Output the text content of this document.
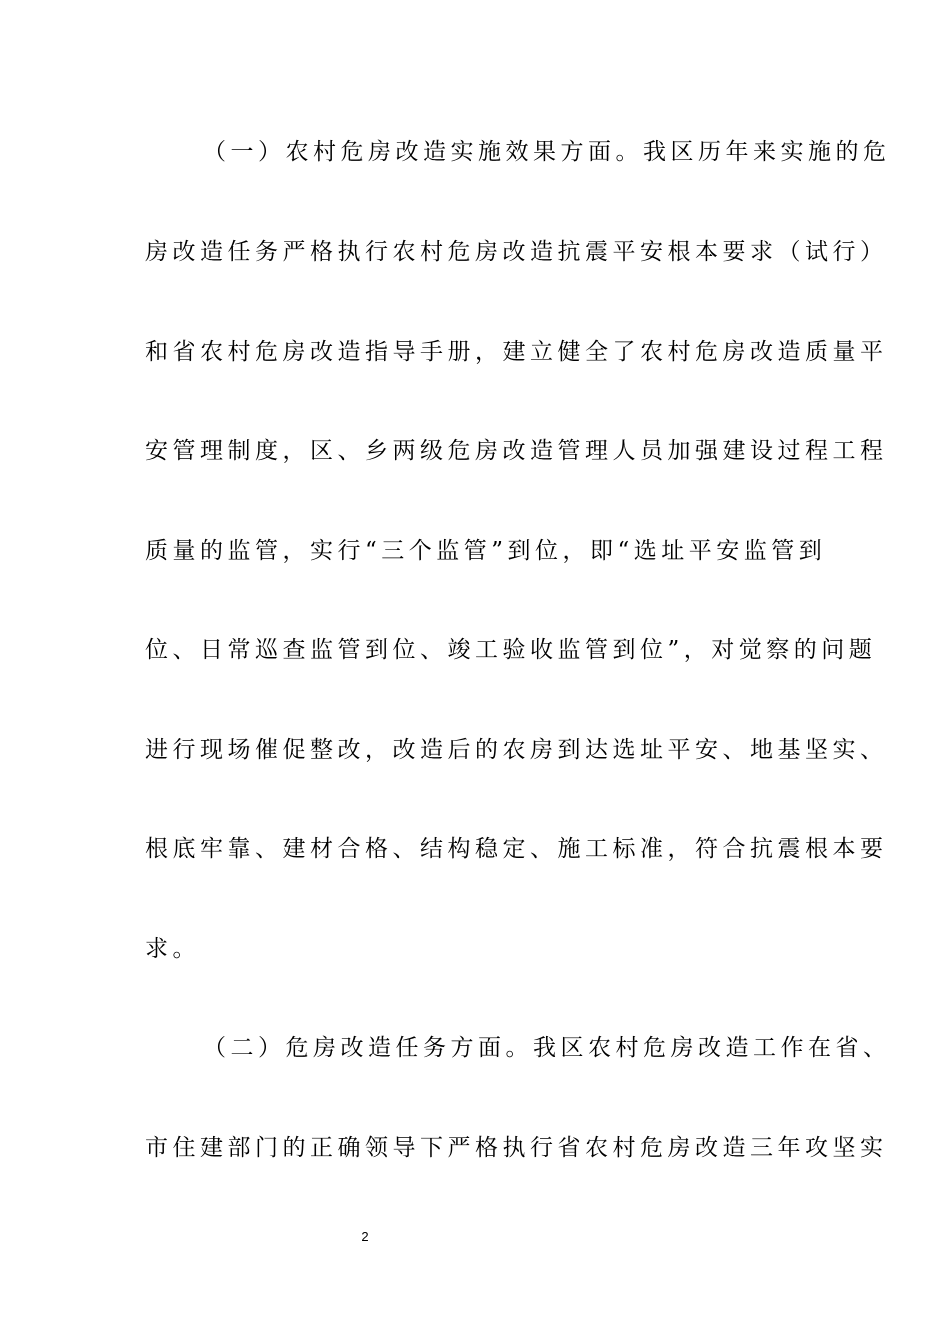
（一）农村危房改造实施效果方面。我区历年来实施的危
房改造任务严格执行农村危房改造抗震平安根本要求（试行）
和省农村危房改造指导手册，建立健全了农村危房改造质量平
安管理制度，区、乡两级危房改造管理人员加强建设过程工程
质量的监管，实行“三个监管”到位，即“选址平安监管到
位、日常巡查监管到位、竣工验收监管到位”，对觉察的问题
进行现场催促整改，改造后的农房到达选址平安、地基坚实、
根底牢靠、建材合格、结构稳定、施工标准，符合抗震根本要
求。
（二）危房改造任务方面。我区农村危房改造工作在省、
市住建部门的正确领导下严格执行省农村危房改造三年攻坚实
2
